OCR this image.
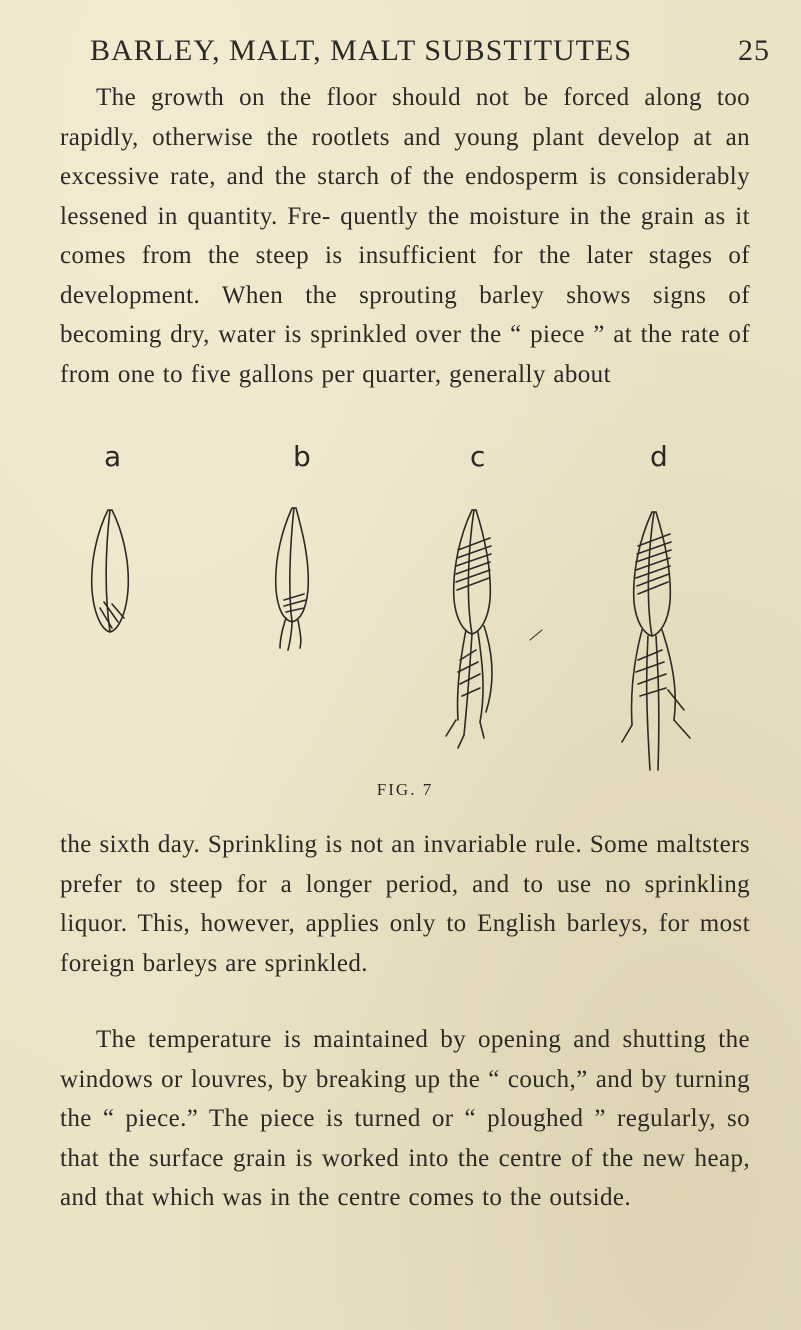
BARLEY, MALT, MALT SUBSTITUTES	25
The growth on the floor should not be forced along too rapidly, otherwise the rootlets and young plant develop at an excessive rate, and the starch of the endosperm is considerably lessened in quantity. Fre- quently the moisture in the grain as it comes from the steep is insufficient for the later stages of development. When the sprouting barley shows signs of becoming dry, water is sprinkled over the “ piece ” at the rate of from one to five gallons per quarter, generally about
a	b	c	d
FIG. 7
the sixth day. Sprinkling is not an invariable rule. Some maltsters prefer to steep for a longer period, and to use no sprinkling liquor. This, however, applies only to English barleys, for most foreign barleys are sprinkled.
The temperature is maintained by opening and shutting the windows or louvres, by breaking up the “ couch,” and by turning the “ piece.” The piece is turned or “ ploughed ” regularly, so that the surface grain is worked into the centre of the new heap, and that which was in the centre comes to the outside.
